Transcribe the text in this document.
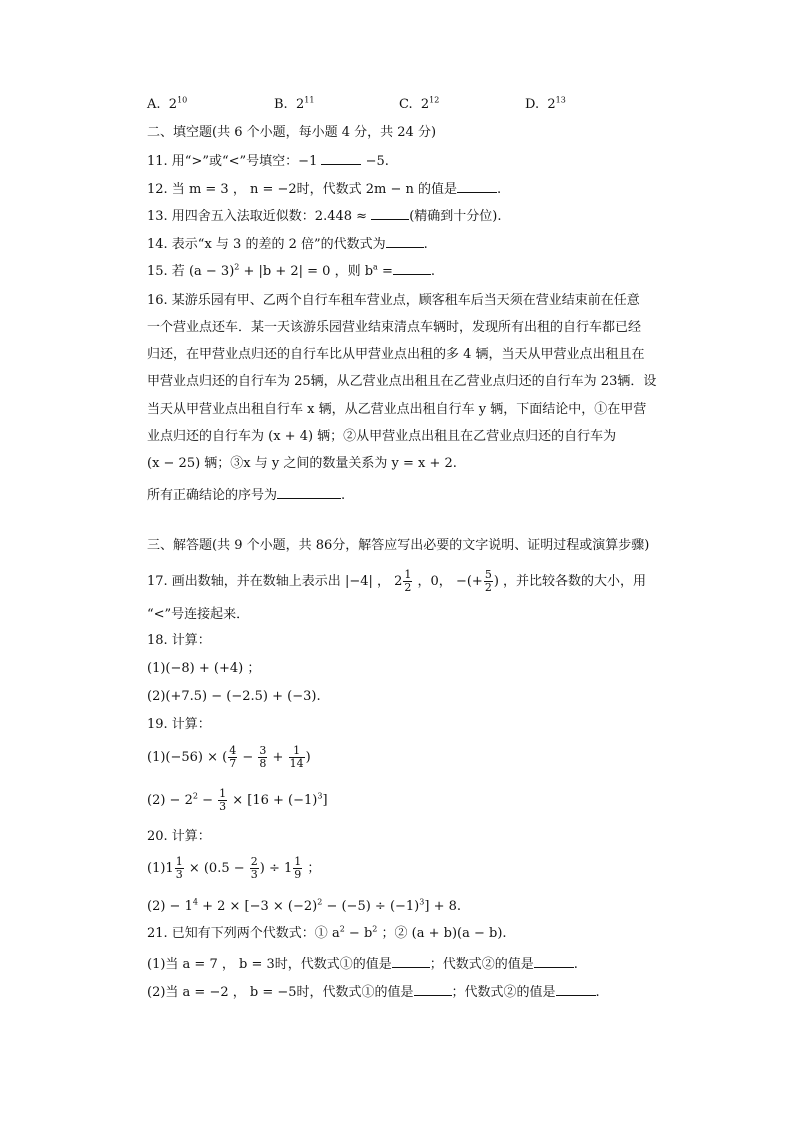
A. $2^{10}$	B. $2^{11}$	C. $2^{12}$	D. $2^{13}$
二、填空题(共 6 个小题，每小题 4 分，共 24 分)
11. 用“>”或“<”号填空：−1	−5.
12. 当 m = 3 ， n = −2时，代数式 2m − n 的值是	.
13. 用四舍五入法取近似数：2.448 ≈	(精确到十分位).
14. 表示“x 与 3 的差的 2 倍”的代数式为	.
15. 若 $(a - 3)^2 + |b + 2| = 0$ ，则 $b^a$ =	.
16. 某游乐园有甲、乙两个自行车租车营业点，顾客租车后当天须在营业结束前在任意
一个营业点还车．某一天该游乐园营业结束清点车辆时，发现所有出租的自行车都已经
归还，在甲营业点归还的自行车比从甲营业点出租的多 4 辆，当天从甲营业点出租且在
甲营业点归还的自行车为 25辆，从乙营业点出租且在乙营业点归还的自行车为 23辆．设
当天从甲营业点出租自行车 x 辆，从乙营业点出租自行车 y 辆，下面结论中，①在甲营
业点归还的自行车为 (x + 4) 辆；②从甲营业点出租且在乙营业点归还的自行车为
(x − 25) 辆；③x 与 y 之间的数量关系为 y = x + 2.
所有正确结论的序号为	.
三、解答题(共 9 个小题，共 86分，解答应写出必要的文字说明、证明过程或演算步骤)
17. 画出数轴，并在数轴上表示出 |−4| ， $2 \frac{1}{2}$ ，0， −(+ $\frac{5}{2}$ ) ，并比较各数的大小，用
“<”号连接起来．
18. 计算：
(1)(−8) + (+4) ；
(2)(+7.5) − (−2.5) + (−3).
19. 计算：
(1)(−56) × ( $\frac{4}{7} - \frac{3}{8} + \frac{1}{14}$ )
$(2) - 2^2 - \frac{1}{3} \times [16 + (-1)^3]$
20. 计算：
$(1)1 \frac{1}{3} \times (0.5 - \frac{2}{3}$ ) ÷ $1 \frac{1}{9}$ ；
$(2) - 1^4 + 2 \times [-3 \times (-2)^2 - (-5) \div (-1)^3] + 8$.
21. 已知有下列两个代数式：① $a^2 - b^2$ ；② (a + b)(a − b).
(1)当 a = 7 ， b = 3时，代数式①的值是	；代数式②的值是	.
(2)当 a = −2 ， b = −5时，代数式①的值是	；代数式②的值是	.
